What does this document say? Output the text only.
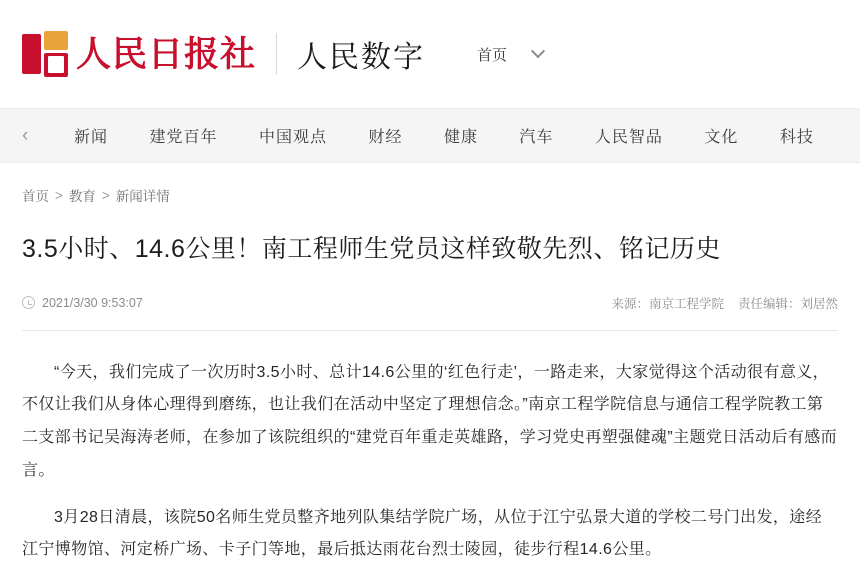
人民日报社 人民数字	首页
‹	新闻	建党百年	中国观点	财经	健康	汽车	人民智品	文化	科技
首页 > 教育 > 新闻详情
3.5小时、14.6公里！南工程师生党员这样致敬先烈、铭记历史
2021/3/30 9:53:07	来源：南京工程学院 责任编辑：刘居然

“今天，我们完成了一次历时3.5小时、总计14.6公里的‘红色行走’，一路走来，大家觉得这个活动很有意义，不仅让我们从身体心理得到磨练，也让我们在活动中坚定了理想信念。”南京工程学院信息与通信工程学院教工第二支部书记吴海涛老师，在参加了该院组织的“建党百年重走英雄路，学习党史再塑强健魂”主题党日活动后有感而言。

3月28日清晨，该院50名师生党员整齐地列队集结学院广场，从位于江宁弘景大道的学校二号门出发，途经江宁博物馆、河定桥广场、卡子门等地，最后抵达雨花台烈士陵园，徒步行程14.6公里。
